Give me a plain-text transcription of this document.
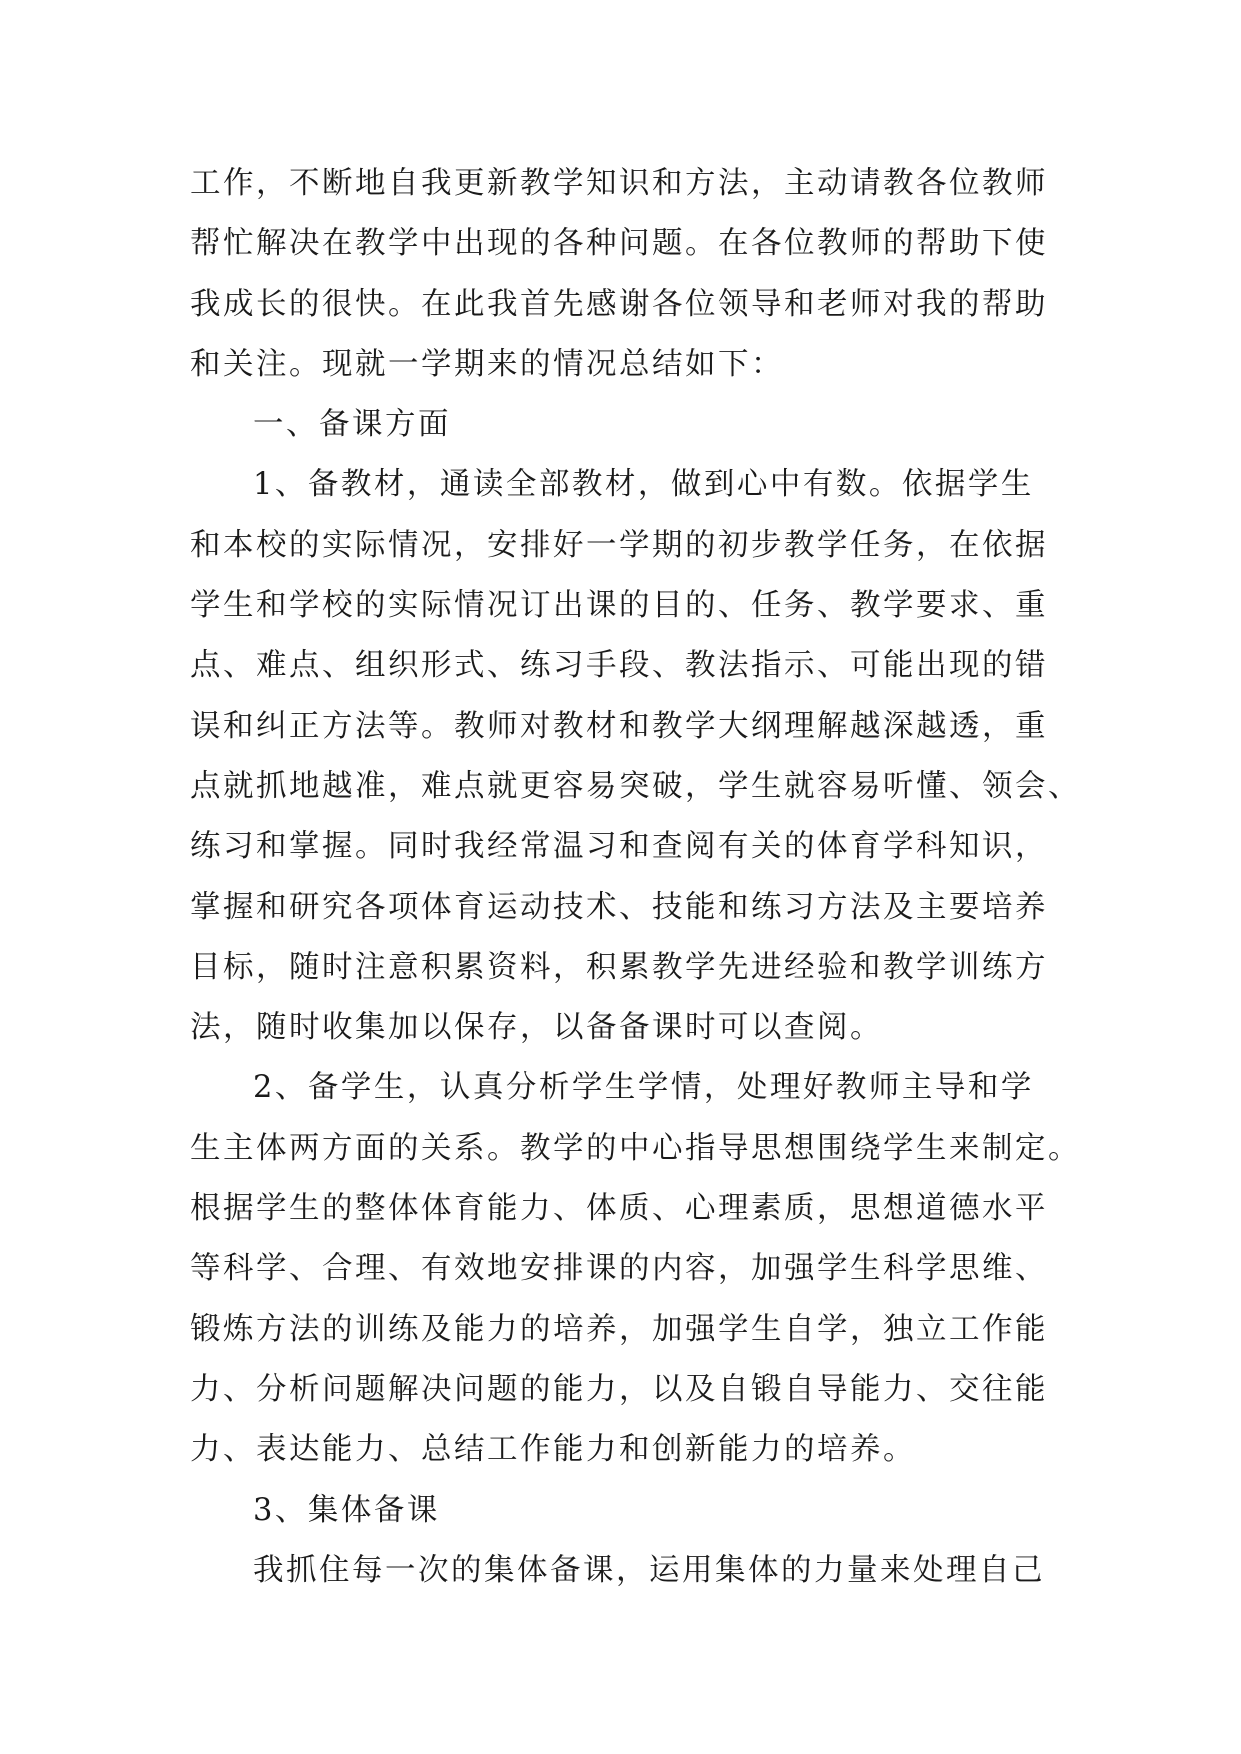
工作，不断地自我更新教学知识和方法，主动请教各位教师
帮忙解决在教学中出现的各种问题。在各位教师的帮助下使
我成长的很快。在此我首先感谢各位领导和老师对我的帮助
和关注。现就一学期来的情况总结如下：
一、备课方面
1、备教材，通读全部教材，做到心中有数。依据学生
和本校的实际情况，安排好一学期的初步教学任务，在依据
学生和学校的实际情况订出课的目的、任务、教学要求、重
点、难点、组织形式、练习手段、教法指示、可能出现的错
误和纠正方法等。教师对教材和教学大纲理解越深越透，重
点就抓地越准，难点就更容易突破，学生就容易听懂、领会、
练习和掌握。同时我经常温习和查阅有关的体育学科知识，
掌握和研究各项体育运动技术、技能和练习方法及主要培养
目标，随时注意积累资料，积累教学先进经验和教学训练方
法，随时收集加以保存，以备备课时可以查阅。
2、备学生，认真分析学生学情，处理好教师主导和学
生主体两方面的关系。教学的中心指导思想围绕学生来制定。
根据学生的整体体育能力、体质、心理素质，思想道德水平
等科学、合理、有效地安排课的内容，加强学生科学思维、
锻炼方法的训练及能力的培养，加强学生自学，独立工作能
力、分析问题解决问题的能力，以及自锻自导能力、交往能
力、表达能力、总结工作能力和创新能力的培养。
3、集体备课
我抓住每一次的集体备课，运用集体的力量来处理自己
